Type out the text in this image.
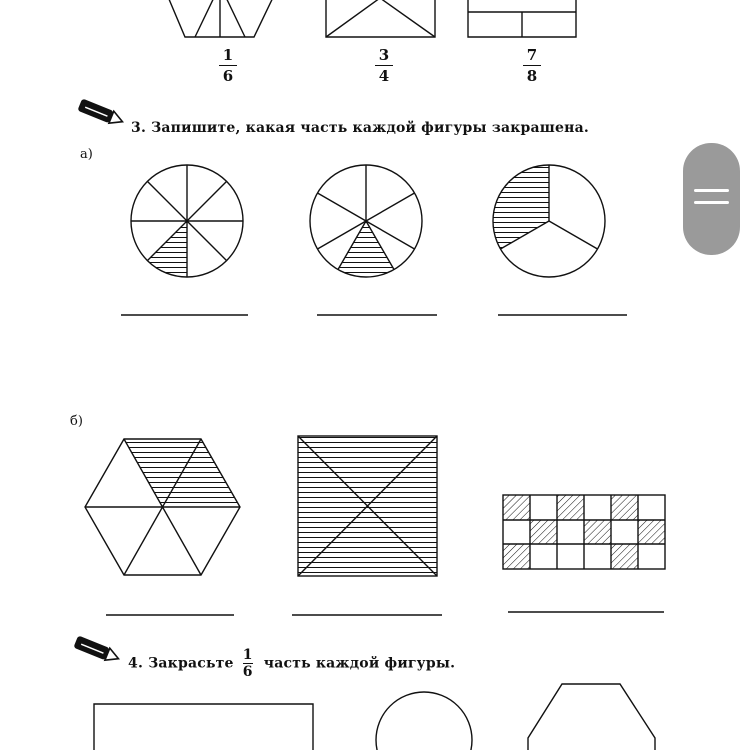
1
6
3
4
7
8
3. Запишите, какая часть каждой фигуры закрашена.
а)
б)
4. Закрасьте $\frac{1}{6}$ часть каждой фигуры.
